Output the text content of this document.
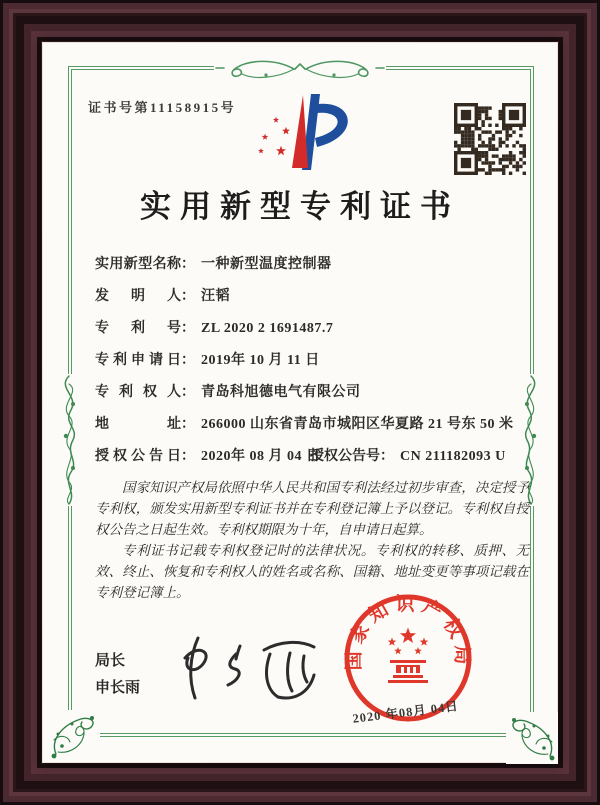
证书号第11158915号
实用新型专利证书
实用新型名称： 一种新型温度控制器
发明人： 汪韬
专利号： ZL 2020 2 1691487.7
专利申请日： 2019年 10 月 11 日
专利权人： 青岛科旭德电气有限公司
地址： 266000 山东省青岛市城阳区华夏路 21 号东 50 米
授权公告日： 2020年 08 月 04 日
授权公告号： CN 211182093 U

国家知识产权局依照中华人民共和国专利法经过初步审查，决定授予专利权，颁发实用新型专利证书并在专利登记簿上予以登记。专利权自授权公告之日起生效。专利权期限为十年，自申请日起算。

专利证书记载专利权登记时的法律状况。专利权的转移、质押、无效、终止、恢复和专利权人的姓名或名称、国籍、地址变更等事项记载在专利登记簿上。

局长
申长雨
国家知识产权局
2020 年08月 04日
